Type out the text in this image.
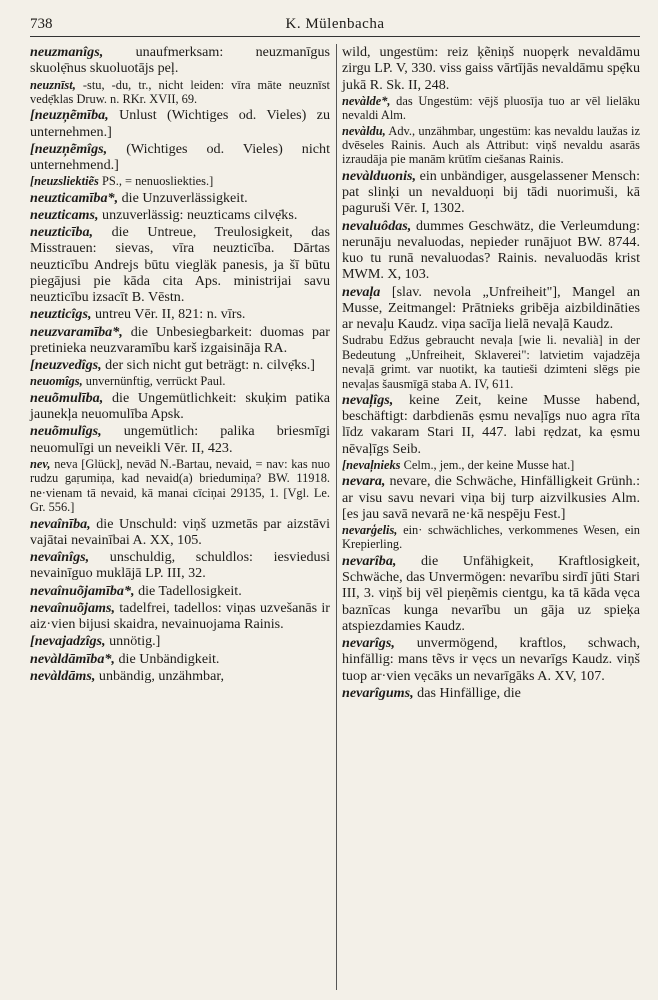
738	K. Mülenbacha

neuzmanîgs, unaufmerksam: neuzmanīgus skuolẹ̄nus skuoluotājs peļ.

neuznīst, -stu, -du, tr., nicht leiden: vīra māte neuznīst vedẹ̄klas Druw. n. RKr. XVII, 69.

[neuzņẽmība, Unlust (Wichtiges od. Vieles) zu unternehmen.]

[neuzņẽmîgs, (Wichtiges od. Vieles) nicht unternehmend.]

[neuzsliektiẽs PS., = nenuosliekties.]

neuzticamība*, die Unzuverlässigkeit.

neuzticams, unzuverlässig: neuzticams cilvẹ̄ks.

neuzticība, die Untreue, Treulosigkeit, das Misstrauen: sievas, vīra neuzticība. Dārtas neuzticību Andrejs būtu viegläk panesis, ja šī būtu piegājusi pie kāda cita Aps. ministrijai savu neuzticību izsacīt B. Vēstn.

neuzticîgs, untreu Vēr. II, 821: n. vīrs.

neuzvaramība*, die Unbesiegbarkeit: duomas par pretinieka neuzvaramību karš izgaisināja RA.

[neuzvedîgs, der sich nicht gut beträgt: n. cilvẹ̄ks.]

neuomîgs, unvernünftig, verrückt Paul.

neuõmulība, die Ungemütlichkeit: skuķim patika jaunekļa neuomulība Apsk.

neuõmulîgs, ungemütlich: palika briesmīgi neuomulīgi un neveikli Vēr. II, 423.

nev, neva [Glück], nevād N.-Bartau, nevaid, = nav: kas nuo rudzu gaṛumiņa, kad nevaid(a) briedumiņa? BW. 11918. ne·vienam tā nevaid, kā manai cīciņai 29135, 1. [Vgl. Le. Gr. 556.]

nevaînība, die Unschuld: viņš uzmetās par aizstāvi vajātai nevainībai A. XX, 105.

nevaînîgs, unschuldig, schuldlos: iesviedusi nevainīguo muklājā LP. III, 32.

nevaînuõjamība*, die Tadellosigkeit.

nevaînuõjams, tadelfrei, tadellos: viņas uzvešanās ir aiz·vien bijusi skaidra, nevainuojama Rainis.

[nevajadzîgs, unnötig.]

nevàldāmība*, die Unbändigkeit.

nevàldāms, unbändig, unzähmbar,

wild, ungestüm: reiz ķẽniņš nuopẹrk nevaldāmu zirgu LP. V, 330. viss gaiss vārtījās nevaldāmu spẹ̄ku jukā R. Sk. II, 248.

nevàlde*, das Ungestüm: vējš pluosīja tuo ar vēl lielāku nevaldi Alm.

nevàldu, Adv., unzähmbar, ungestüm: kas nevaldu laužas iz dvēseles Rainis. Auch als Attribut: viņš nevaldu asarās izraudāja pie manām krūtīm ciešanas Rainis.

nevàlduonis, ein unbändiger, ausgelassener Mensch: pat slinķi un nevalduoņi bij tādi nuorimuši, kā paguruši Vēr. I, 1302.

nevaluôdas, dummes Geschwätz, die Verleumdung: nerunāju nevaluodas, nepieder runājuot BW. 8744. kuo tu runā nevaluodas? Rainis. nevaluodās krist MWM. X, 103.

nevaļa [slav. nevola „Unfreiheit"], Mangel an Musse, Zeitmangel: Prātnieks gribēja aizbildināties ar nevaļu Kaudz. viņa sacīja lielā nevaļā Kaudz.

Sudrabu Edžus gebraucht nevaļa [wie li. nevalià] in der Bedeutung „Unfreiheit, Sklaverei": latvietim vajadzēja nevaļā grimt. var nuotikt, ka tautieši dzimteni slēgs pie nevaļas šausmīgā staba A. IV, 611.

nevaļîgs, keine Zeit, keine Musse habend, beschäftigt: darbdienās ẹsmu nevaļīgs nuo agra rīta līdz vakaram Stari II, 447. labi rẹdzat, ka ẹsmu nēvaļīgs Seib.

[nevaļnieks Celm., jem., der keine Musse hat.]

nevara, nevare, die Schwäche, Hinfälligkeit Grünh.: ar visu savu nevari viņa bij turp aizvilkusies Alm. [es jau savā nevarā ne·kā nespēju Fest.]

nevarģelis, ein· schwächliches, verkommenes Wesen, ein Krepierling.

nevarîba, die Unfähigkeit, Kraftlosigkeit, Schwäche, das Unvermögen: nevarību sirdī jūti Stari III, 3. viņš bij vēl pieņẽmis cientgu, ka tā kāda vẹca baznīcas kunga nevarību un gāja uz spieķa atspiezdamies Kaudz.

nevarîgs, unvermögend, kraftlos, schwach, hinfällig: mans tẽvs ir vẹcs un nevarīgs Kaudz. viņš tuop ar·vien vẹcāks un nevarīgāks A. XV, 107.

nevarîgums, das Hinfällige, die
